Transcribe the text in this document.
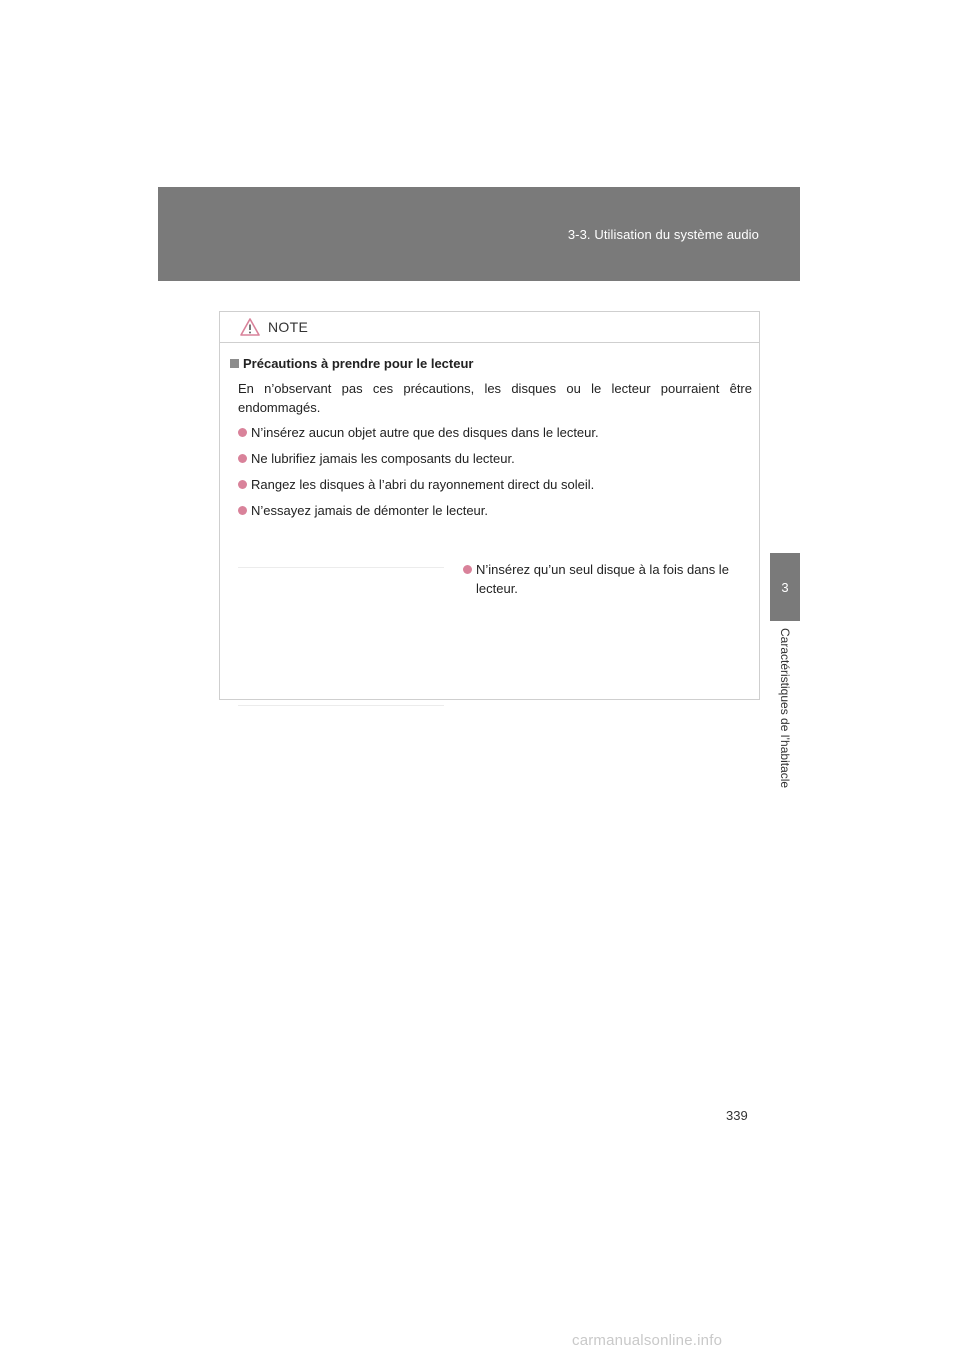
3-3. Utilisation du système audio
3
Caractéristiques de l’habitacle
NOTE
Précautions à prendre pour le lecteur

En n’observant pas ces précautions, les disques ou le lecteur pourraient être endommagés.

N’insérez aucun objet autre que des disques dans le lecteur.
Ne lubrifiez jamais les composants du lecteur.
Rangez les disques à l’abri du rayonnement direct du soleil.
N’essayez jamais de démonter le lecteur.
N’insérez qu’un seul disque à la fois dans le lecteur.
339
carmanualsonline.info
